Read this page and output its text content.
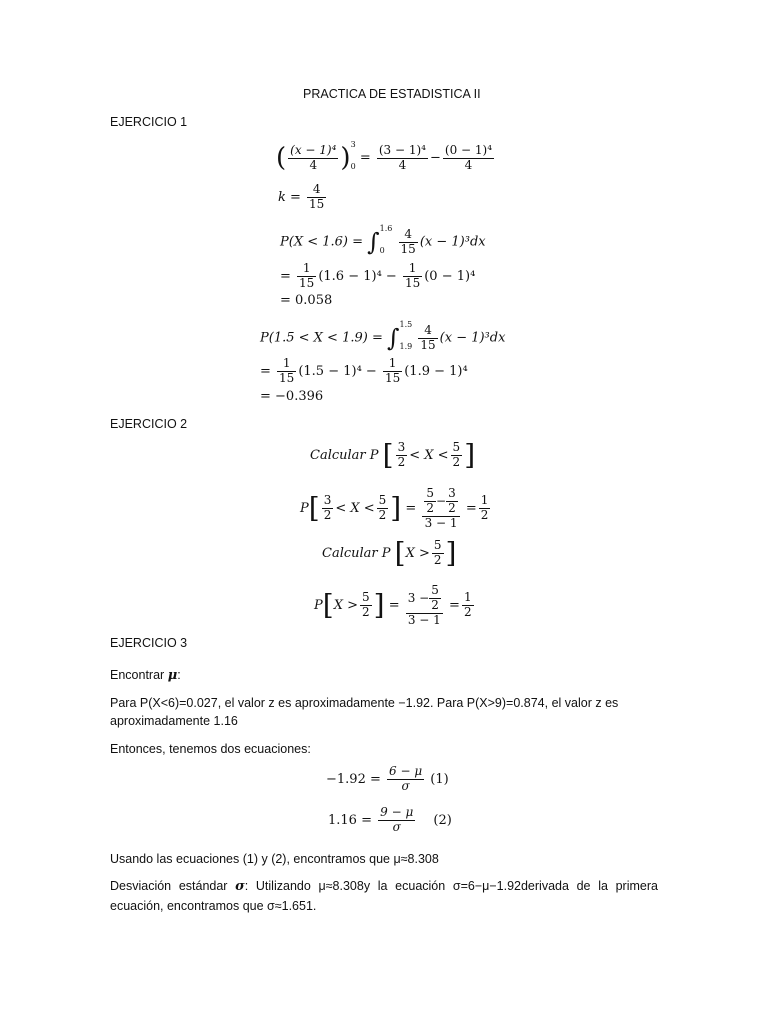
PRACTICA DE ESTADISTICA II
EJERCICIO 1
( $\frac{\text{(x − 1)⁴}}{4}$ ) 3
0
= $\frac{\text{(3 − 1)⁴}}{4} - \frac{\text{(0 − 1)⁴}}{4}$
$k = \frac{4}{15}$
P(X < 1.6) = ∫ 1.6
0
	$\frac{4}{15} (x - 1)^3dx$
= $\frac{1}{15} (1.6 - 1)^4 - \frac{1}{15} (0 - 1)^4$
= 0.058
P(1.5 < X < 1.9) = ∫ 1.5
1.9
$\frac{4}{15} (x - 1)^3dx$
= $\frac{1}{15} (1.5 - 1)^4 - \frac{1}{15} (1.9 - 1)^4$
= −0.396
EJERCICIO 2
Calcular P [ $\frac{3}{2} < X < \frac{5}{2}$ ]
$P[ \frac{3}{2} < X < \frac{5}{2}$ ] = $\frac{\frac{5}{2} - \frac{3}{2}}{3 - 1} = \frac{1}{2}$
Calcular P [$X > \frac{5}{2}$ ]
$P[X > \frac{5}{2}$ ] = $\frac{3 - \frac{5}{2}}{3 - 1} = \frac{1}{2}$
EJERCICIO 3
Encontrar μ:
Para P(X<6)=0.027, el valor z es aproximadamente −1.92. Para P(X>9)=0.874, el valor z es aproximadamente 1.16
Entonces, tenemos dos ecuaciones:
$-1.92 = \frac{6 - \mu}{\sigma} (1)$
$1.16 = \frac{9 - \mu}{\sigma} (2)$
Usando las ecuaciones (1) y (2), encontramos que μ≈8.308
Desviación estándar σ: Utilizando μ≈8.308y la ecuación σ=6−μ−1.92derivada de la primera ecuación, encontramos que σ≈1.651.
